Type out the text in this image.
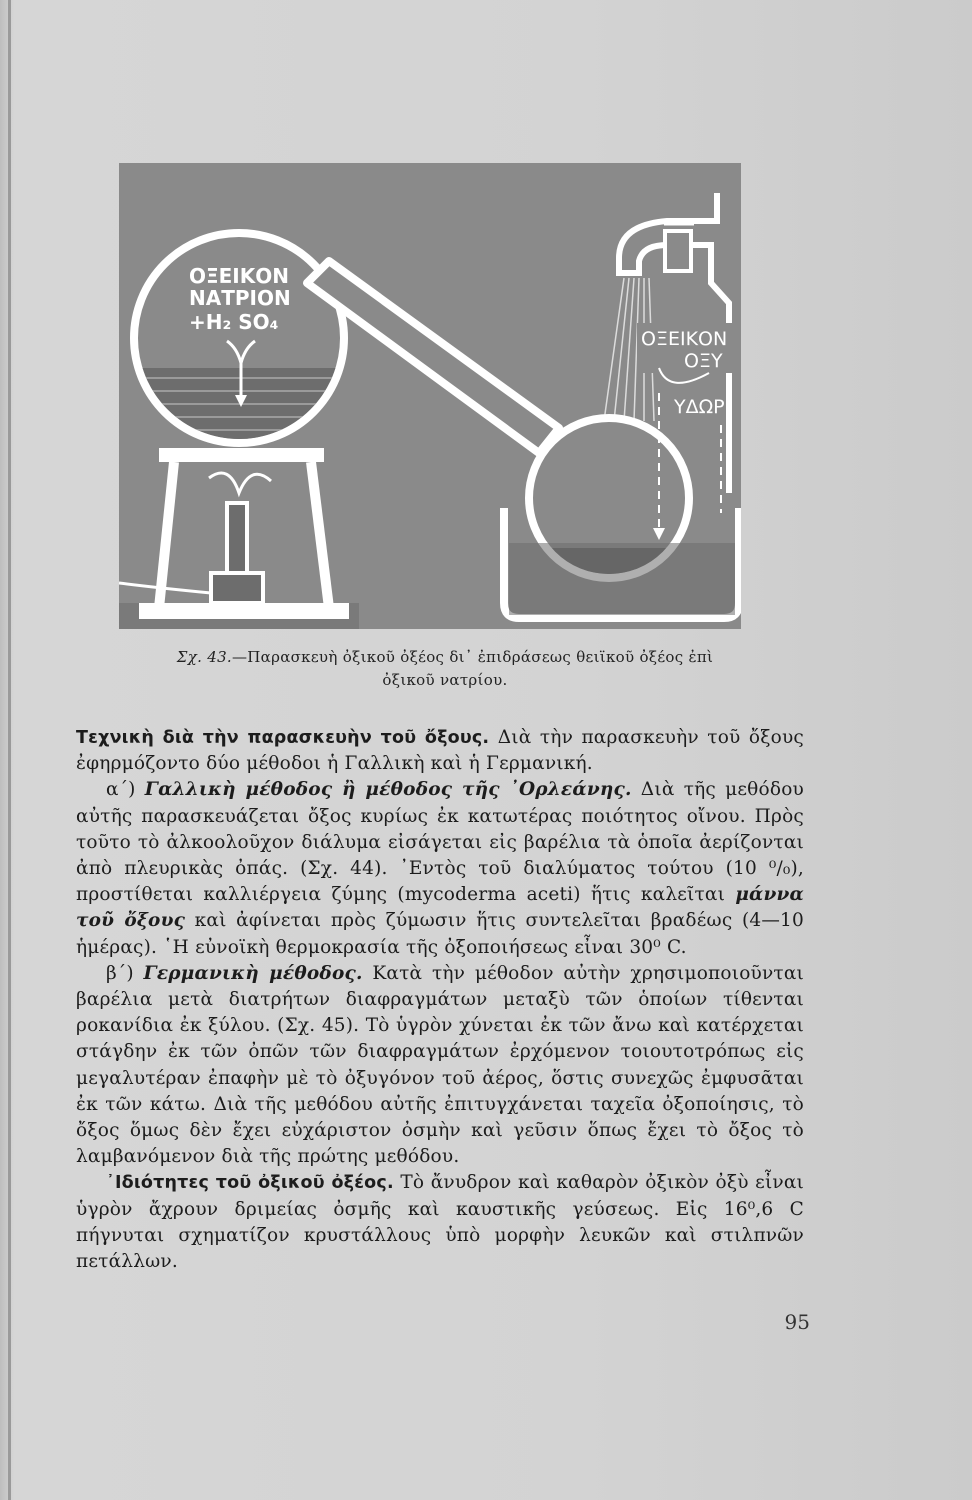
ΟΞΕΙΚΟΝ
ΝΑΤΡΙΟΝ
+H₂ SO₄
ΟΞΕΙΚΟΝ
ΟΞΥ
ΥΔΩΡ
Σχ. 43.—Παρασκευὴ ὀξικοῦ ὀξέος δι᾽ ἐπιδράσεως θειϊκοῦ ὀξέος ἐπὶ
ὀξικοῦ νατρίου.

Τεχνικὴ διὰ τὴν παρασκευὴν τοῦ ὄξους. Διὰ τὴν παρασκευὴν τοῦ ὄξους ἐφηρμόζοντο δύο μέθοδοι ἡ Γαλλικὴ καὶ ἡ Γερμανική.

α΄) Γαλλικὴ μέθοδος ἢ μέθοδος τῆς ᾽Ορλεάνης. Διὰ τῆς μεθόδου αὐτῆς παρασκευάζεται ὄξος κυρίως ἐκ κατωτέρας ποιότητος οἴνου. Πρὸς τοῦτο τὸ ἀλκοολοῦχον διάλυμα εἰσάγεται εἰς βαρέλια τὰ ὁποῖα ἀερίζονται ἀπὸ πλευρικὰς ὀπάς. (Σχ. 44). ᾽Εντὸς τοῦ διαλύματος τούτου (10 ⁰/₀), προστίθεται καλλιέργεια ζύμης (mycoderma aceti) ἥτις καλεῖται μάννα τοῦ ὄξους καὶ ἀφίνεται πρὸς ζύμωσιν ἥτις συντελεῖται βραδέως (4—10 ἡμέρας). ῾Η εὐνοϊκὴ θερμοκρασία τῆς ὀξοποιήσεως εἶναι 30⁰ C.

β΄) Γερμανικὴ μέθοδος. Κατὰ τὴν μέθοδον αὐτὴν χρησιμοποιοῦνται βαρέλια μετὰ διατρήτων διαφραγμάτων μεταξὺ τῶν ὁποίων τίθενται ροκανίδια ἐκ ξύλου. (Σχ. 45). Τὸ ὑγρὸν χύνεται ἐκ τῶν ἄνω καὶ κατέρχεται στάγδην ἐκ τῶν ὀπῶν τῶν διαφραγμάτων ἐρχόμενον τοιουτοτρόπως εἰς μεγαλυτέραν ἐπαφὴν μὲ τὸ ὀξυγόνον τοῦ ἀέρος, ὅστις συνεχῶς ἐμφυσᾶται ἐκ τῶν κάτω. Διὰ τῆς μεθόδου αὐτῆς ἐπιτυγχάνεται ταχεῖα ὀξοποίησις, τὸ ὄξος ὅμως δὲν ἔχει εὐχάριστον ὀσμὴν καὶ γεῦσιν ὅπως ἔχει τὸ ὄξος τὸ λαμβανόμενον διὰ τῆς πρώτης μεθόδου.

᾽Ιδιότητες τοῦ ὀξικοῦ ὀξέος. Τὸ ἄνυδρον καὶ καθαρὸν ὀξικὸν ὀξὺ εἶναι ὑγρὸν ἄχρουν δριμείας ὀσμῆς καὶ καυστικῆς γεύσεως. Εἰς 16⁰,6 C πήγνυται σχηματίζον κρυστάλλους ὑπὸ μορφὴν λευκῶν καὶ στιλπνῶν πετάλλων.

95
